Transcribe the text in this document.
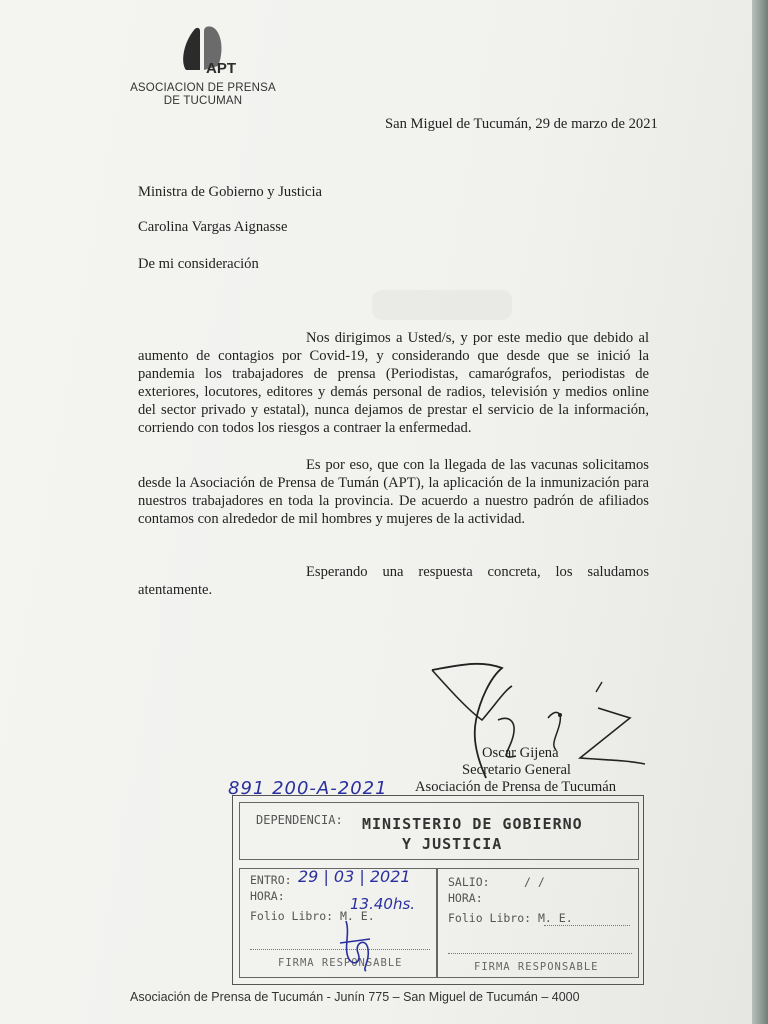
APT
ASOCIACION DE PRENSA
DE TUCUMAN
San Miguel de Tucumán, 29 de marzo de 2021
Ministra de Gobierno y Justicia
Carolina Vargas Aignasse
De mi consideración
Nos dirigimos a Usted/s, y por este medio que debido al aumento de contagios por Covid-19, y considerando que desde que se inició la pandemia los trabajadores de prensa (Periodistas, camarógrafos, periodistas de exteriores, locutores, editores y demás personal de radios, televisión y medios online del sector privado y estatal), nunca dejamos de prestar el servicio de la información, corriendo con todos los riesgos a contraer la enfermedad.
Es por eso, que con la llegada de las vacunas solicitamos desde la Asociación de Prensa de Tumán (APT), la aplicación de la inmunización para nuestros trabajadores en toda la provincia. De acuerdo a nuestro padrón de afiliados contamos con alrededor de mil hombres y mujeres de la actividad.
Esperando una respuesta concreta, los saludamos atentamente.
Oscar Gijena
Secretario General
Asociación de Prensa de Tucumán
891 200-A-2021
DEPENDENCIA: MINISTERIO DE GOBIERNO
Y JUSTICIA
ENTRO: 29 | 03 | 2021
HORA:
Folio Libro: M. E.
13.40hs.
FIRMA RESPONSABLE
SALIO:	/ /
HORA:
Folio Libro: M. E.
FIRMA RESPONSABLE
Asociación de Prensa de Tucumán - Junín 775 – San Miguel de Tucumán – 4000
